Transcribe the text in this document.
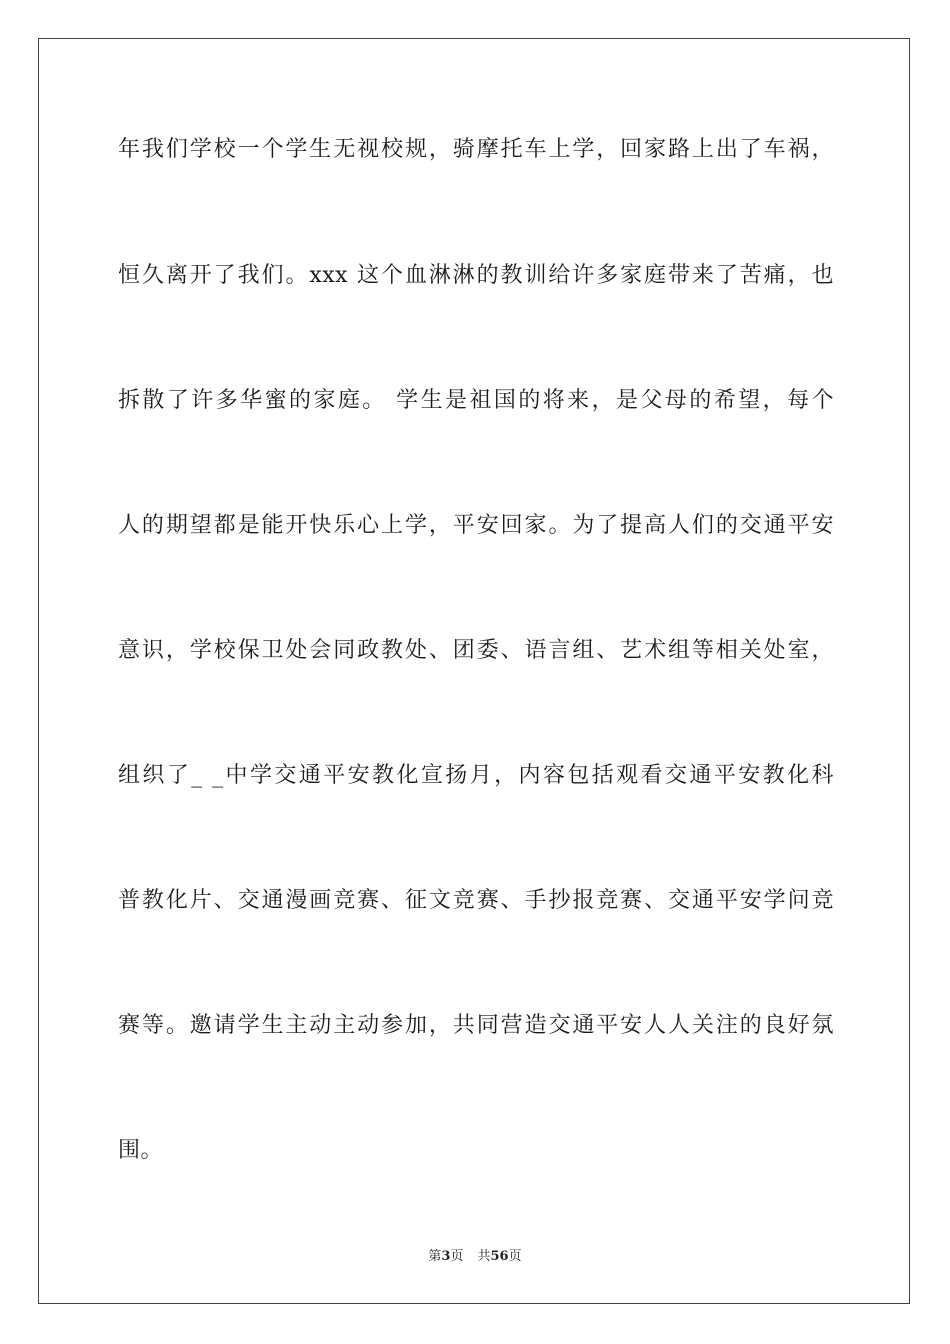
年我们学校一个学生无视校规，骑摩托车上学，回家路上出了车祸，
恒久离开了我们。xxx 这个血淋淋的教训给许多家庭带来了苦痛，也
拆散了许多华蜜的家庭。 学生是祖国的将来，是父母的希望，每个
人的期望都是能开快乐心上学，平安回家。为了提高人们的交通平安
意识，学校保卫处会同政教处、团委、语言组、艺术组等相关处室，
组织了_ _中学交通平安教化宣扬月，内容包括观看交通平安教化科
普教化片、交通漫画竞赛、征文竞赛、手抄报竞赛、交通平安学问竞
赛等。邀请学生主动主动参加，共同营造交通平安人人关注的良好氛
围。
第3页 共56页
